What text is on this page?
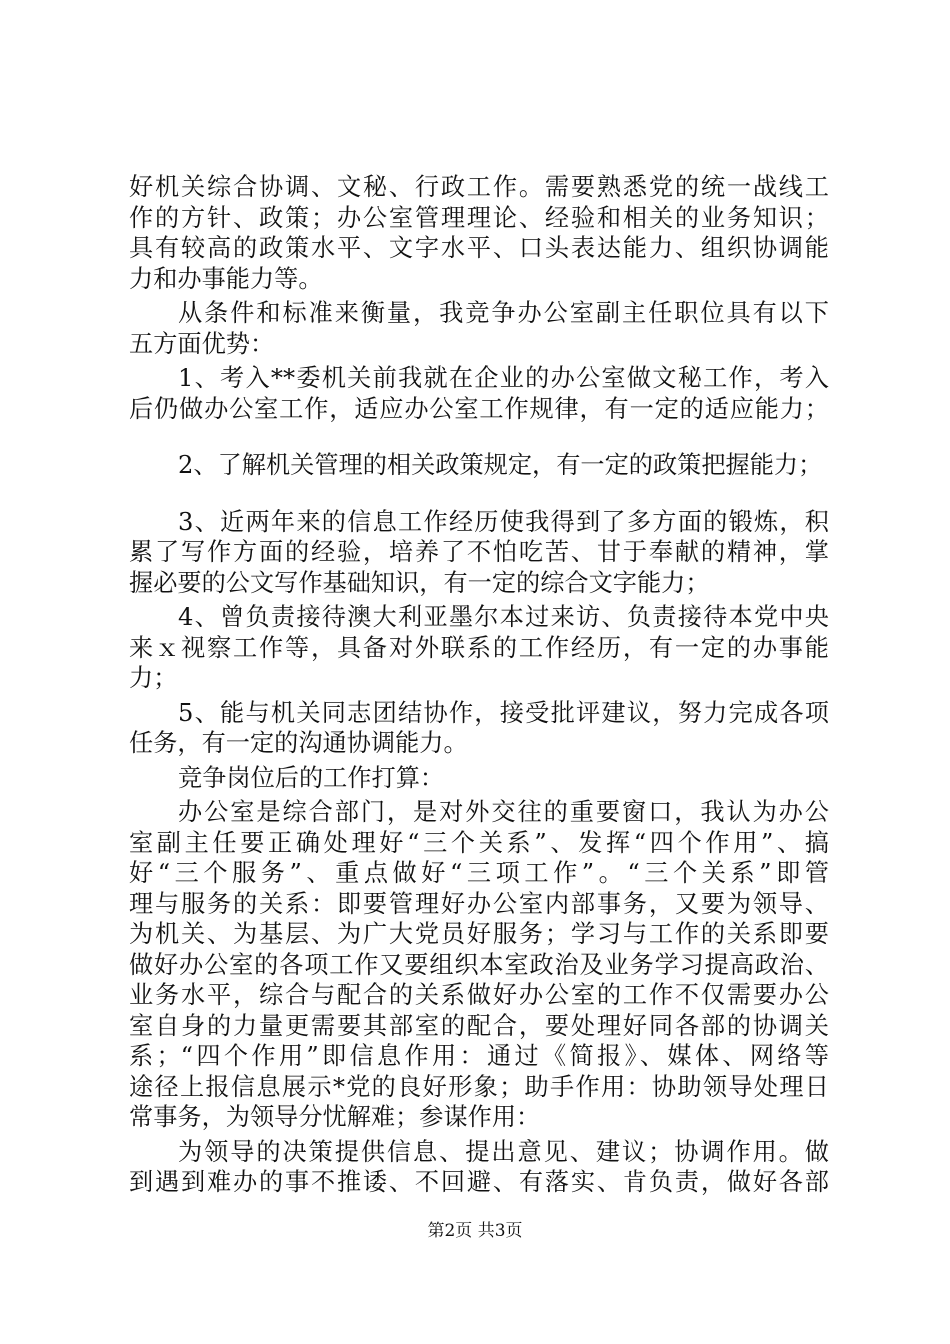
好机关综合协调、文秘、行政工作。需要熟悉党的统一战线工
作的方针、政策；办公室管理理论、经验和相关的业务知识；
具有较高的政策水平、文字水平、口头表达能力、组织协调能
力和办事能力等。
从条件和标准来衡量，我竞争办公室副主任职位具有以下
五方面优势：
1、考入**委机关前我就在企业的办公室做文秘工作，考入
后仍做办公室工作，适应办公室工作规律，有一定的适应能力；
2、了解机关管理的相关政策规定，有一定的政策把握能力；
3、近两年来的信息工作经历使我得到了多方面的锻炼，积
累了写作方面的经验，培养了不怕吃苦、甘于奉献的精神，掌
握必要的公文写作基础知识，有一定的综合文字能力；
4、曾负责接待澳大利亚墨尔本过来访、负责接待本党中央
来ｘ视察工作等，具备对外联系的工作经历，有一定的办事能
力；
5、能与机关同志团结协作，接受批评建议，努力完成各项
任务，有一定的沟通协调能力。
竞争岗位后的工作打算：
办公室是综合部门，是对外交往的重要窗口，我认为办公
室副主任要正确处理好“三个关系”、发挥“四个作用”、搞
好“三个服务”、重点做好“三项工作”。“三个关系”即管
理与服务的关系：即要管理好办公室内部事务，又要为领导、
为机关、为基层、为广大党员好服务；学习与工作的关系即要
做好办公室的各项工作又要组织本室政治及业务学习提高政治、
业务水平，综合与配合的关系做好办公室的工作不仅需要办公
室自身的力量更需要其部室的配合，要处理好同各部的协调关
系；“四个作用”即信息作用：通过《简报》、媒体、网络等
途径上报信息展示*党的良好形象；助手作用：协助领导处理日
常事务，为领导分忧解难；参谋作用：
为领导的决策提供信息、提出意见、建议；协调作用。做
到遇到难办的事不推诿、不回避、有落实、肯负责，做好各部
第2页 共3页
